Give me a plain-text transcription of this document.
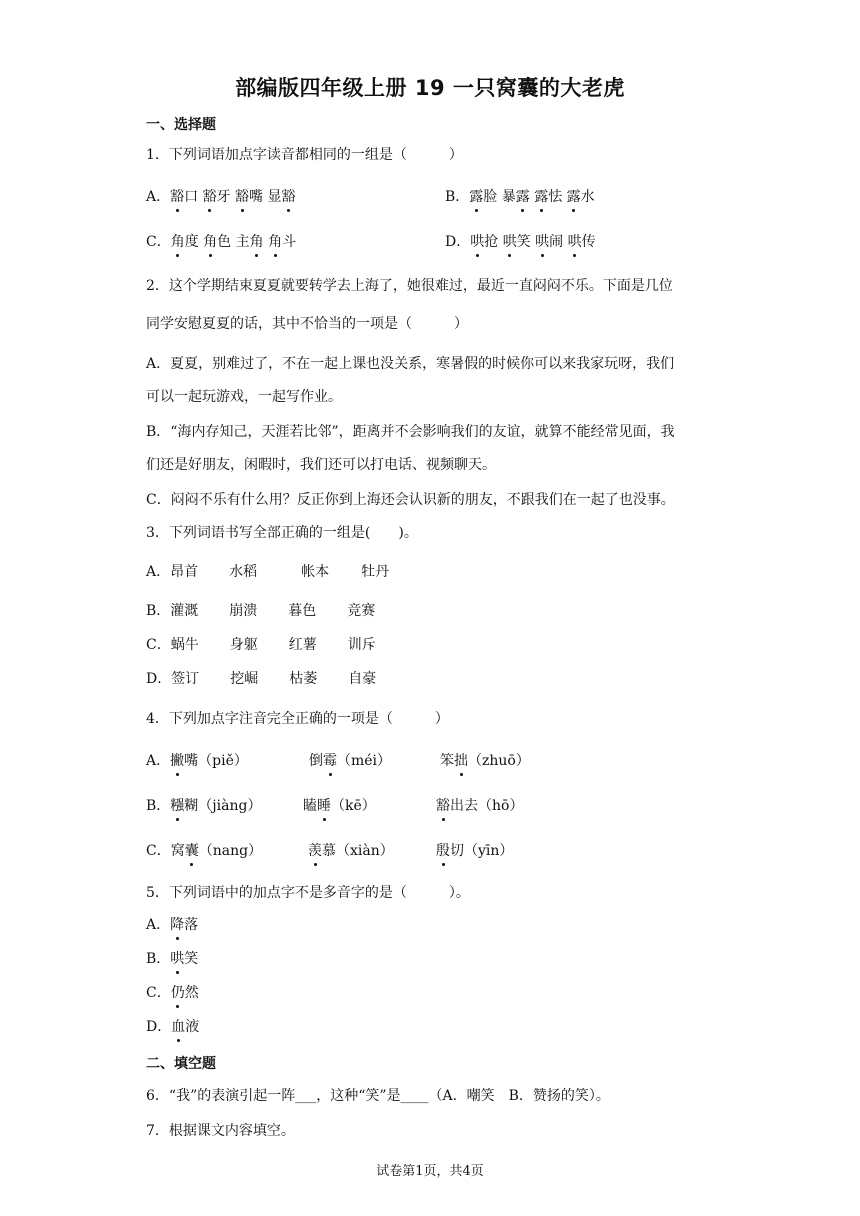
部编版四年级上册 19 一只窝囊的大老虎
一、选择题
1．下列词语加点字读音都相同的一组是（　　　）
A．豁口 豁牙 豁嘴 显豁	B．露脸 暴露 露怯 露水
C．角度 角色 主角 角斗	D．哄抢 哄笑 哄闹 哄传
2．这个学期结束夏夏就要转学去上海了，她很难过，最近一直闷闷不乐。下面是几位
同学安慰夏夏的话，其中不恰当的一项是（　　　）
A．夏夏，别难过了，不在一起上课也没关系，寒暑假的时候你可以来我家玩呀，我们
可以一起玩游戏，一起写作业。
B．“海内存知己，天涯若比邻”，距离并不会影响我们的友谊，就算不能经常见面，我
们还是好朋友，闲暇时，我们还可以打电话、视频聊天。
C．闷闷不乐有什么用？反正你到上海还会认识新的朋友，不跟我们在一起了也没事。
3．下列词语书写全部正确的一组是(　　)。
A．昂首 水稻	帐本 牡丹
B．灌溉 崩溃 暮色 竞赛
C．蜗牛 身躯 红薯 训斥
D．签订 挖崛 枯萎 自豪
4．下列加点字注音完全正确的一项是（　　　）
A．撇嘴（piě）	倒霉（méi）	笨拙（zhuō）
B．糨糊（jiàng）	瞌睡（kē）	豁出去（hō）
C．窝囊（nang）	羡慕（xiàn）	殷切（yīn）
5．下列词语中的加点字不是多音字的是（　　　）。
A．降落
B．哄笑
C．仍然
D．血液
二、填空题
6．“我”的表演引起一阵___，这种“笑”是____（A．嘲笑　B．赞扬的笑）。
7．根据课文内容填空。
试卷第1页，共4页
